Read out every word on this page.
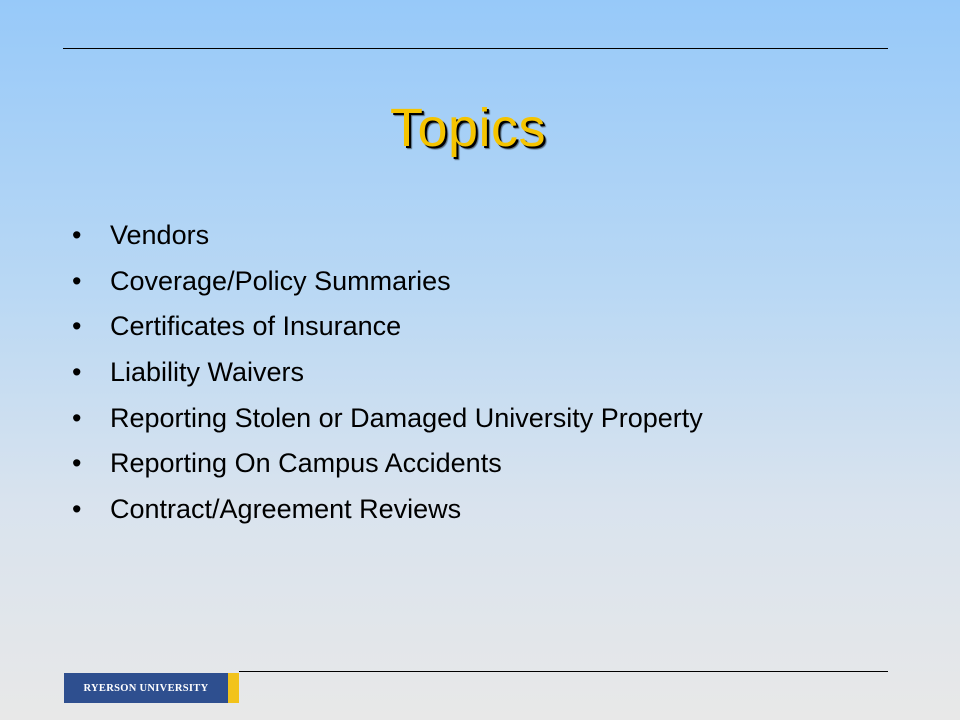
Topics
• Vendors
• Coverage/Policy Summaries
• Certificates of Insurance
• Liability Waivers
• Reporting Stolen or Damaged University Property
• Reporting On Campus Accidents
• Contract/Agreement Reviews
RYERSON UNIVERSITY
